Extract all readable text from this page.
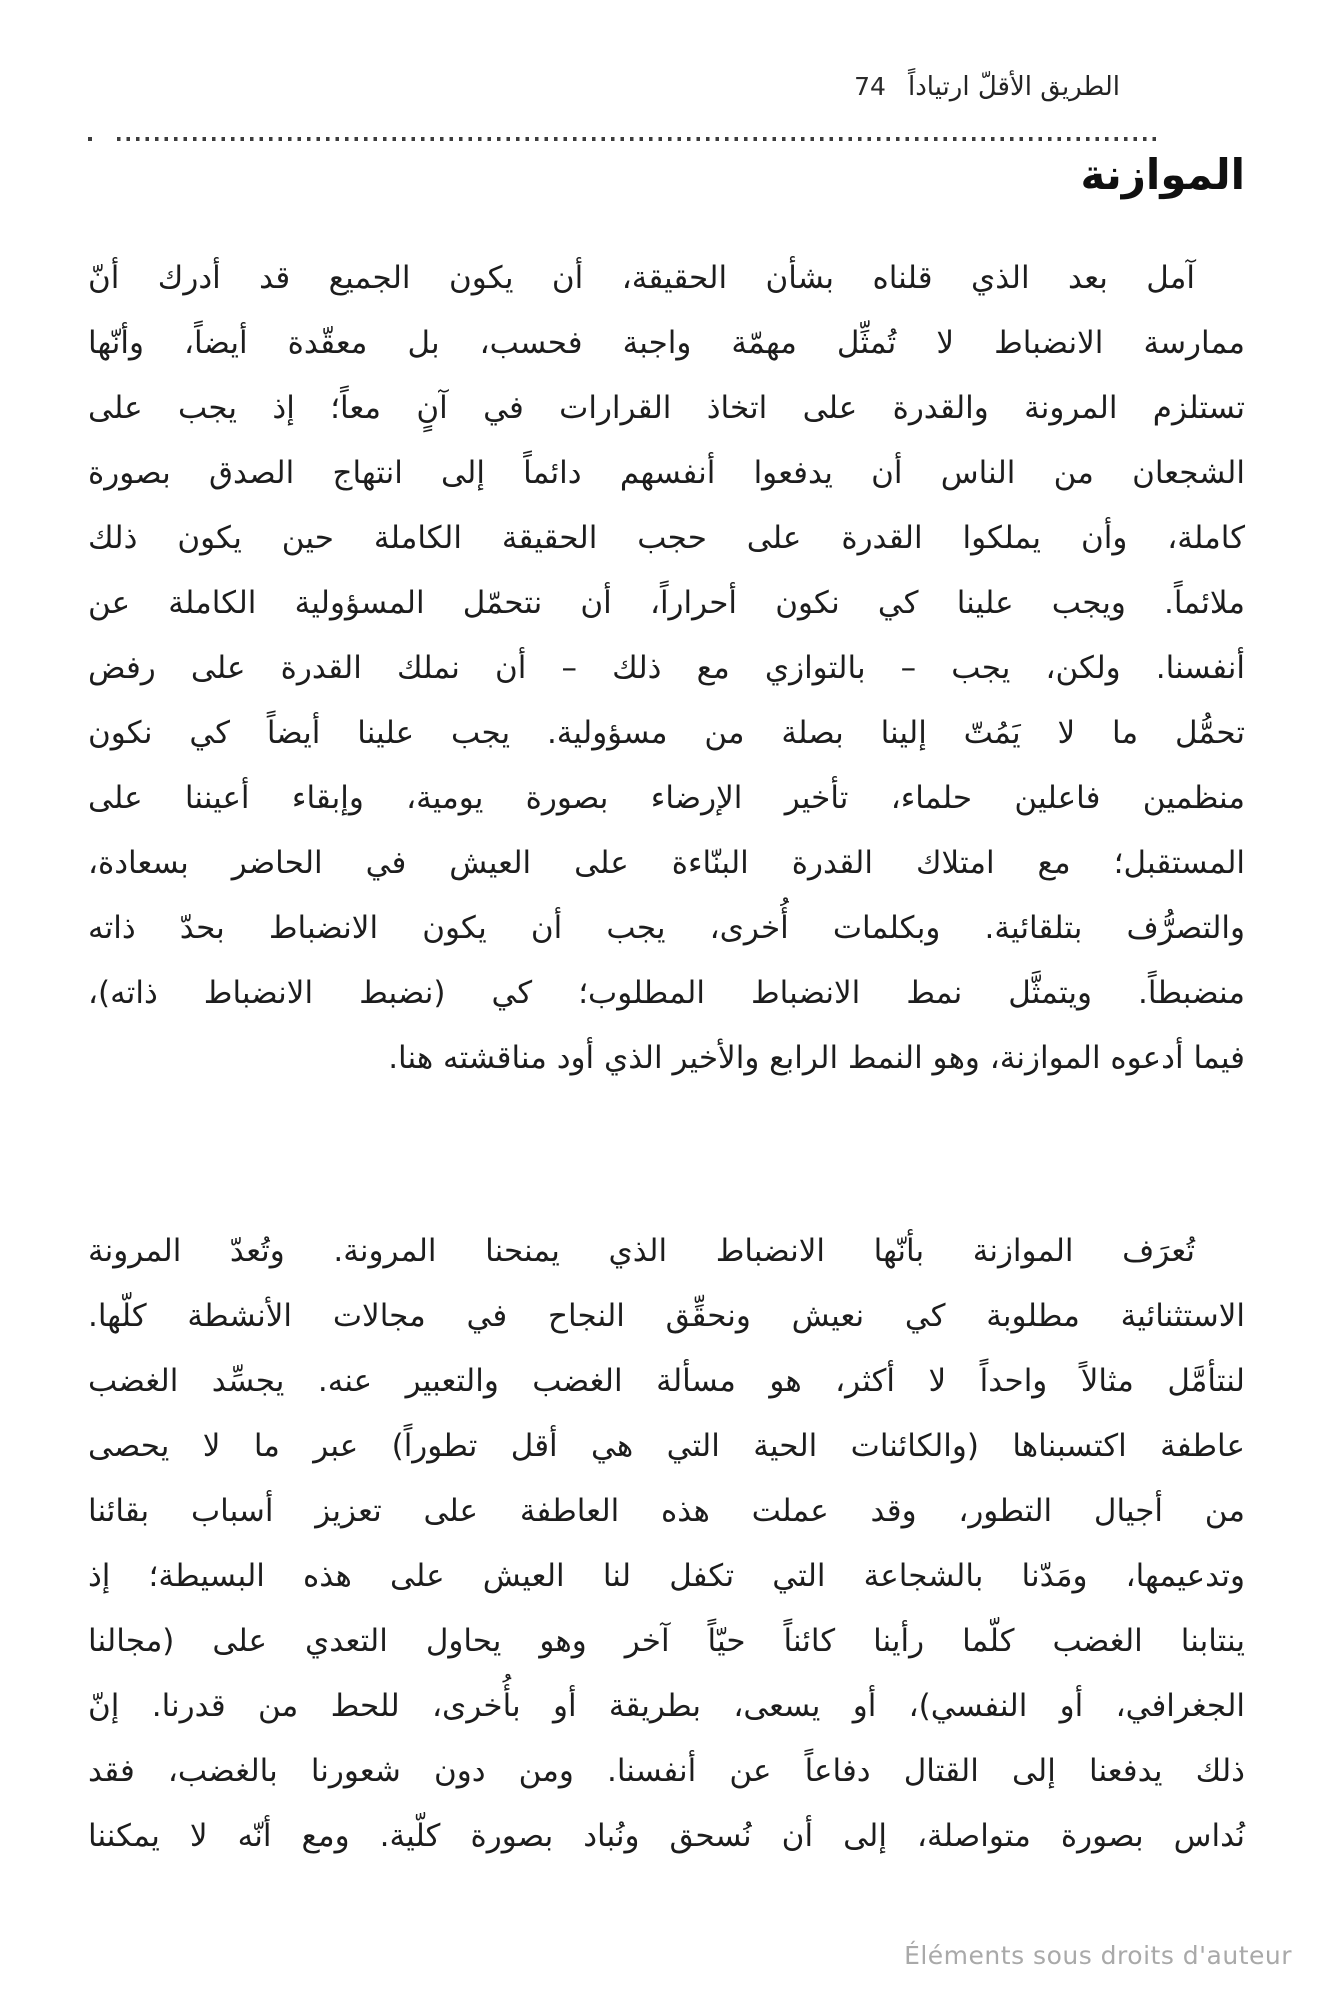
الطريق الأقلّ ارتياداً74
الموازنة
آمل بعد الذي قلناه بشأن الحقيقة، أن يكون الجميع قد أدرك أنّ
ممارسة الانضباط لا تُمثِّل مهمّة واجبة فحسب، بل معقّدة أيضاً، وأنّها
تستلزم المرونة والقدرة على اتخاذ القرارات في آنٍ معاً؛ إذ يجب على
الشجعان من الناس أن يدفعوا أنفسهم دائماً إلى انتهاج الصدق بصورة
كاملة، وأن يملكوا القدرة على حجب الحقيقة الكاملة حين يكون ذلك
ملائماً. ويجب علينا كي نكون أحراراً، أن نتحمّل المسؤولية الكاملة عن
أنفسنا. ولكن، يجب – بالتوازي مع ذلك – أن نملك القدرة على رفض
تحمُّل ما لا يَمُتّ إلينا بصلة من مسؤولية. يجب علينا أيضاً كي نكون
منظمين فاعلين حلماء، تأخير الإرضاء بصورة يومية، وإبقاء أعيننا على
المستقبل؛ مع امتلاك القدرة البنّاءة على العيش في الحاضر بسعادة،
والتصرُّف بتلقائية. وبكلمات أُخرى، يجب أن يكون الانضباط بحدّ ذاته
منضبطاً. ويتمثَّل نمط الانضباط المطلوب؛ كي (نضبط الانضباط ذاته)،
فيما أدعوه الموازنة، وهو النمط الرابع والأخير الذي أود مناقشته هنا.
تُعرَف الموازنة بأنّها الانضباط الذي يمنحنا المرونة. وتُعدّ المرونة
الاستثنائية مطلوبة كي نعيش ونحقِّق النجاح في مجالات الأنشطة كلّها.
لنتأمَّل مثالاً واحداً لا أكثر، هو مسألة الغضب والتعبير عنه. يجسِّد الغضب
عاطفة اكتسبناها (والكائنات الحية التي هي أقل تطوراً) عبر ما لا يحصى
من أجيال التطور، وقد عملت هذه العاطفة على تعزيز أسباب بقائنا
وتدعيمها، ومَدّنا بالشجاعة التي تكفل لنا العيش على هذه البسيطة؛ إذ
ينتابنا الغضب كلّما رأينا كائناً حيّاً آخر وهو يحاول التعدي على (مجالنا
الجغرافي، أو النفسي)، أو يسعى، بطريقة أو بأُخرى، للحط من قدرنا. إنّ
ذلك يدفعنا إلى القتال دفاعاً عن أنفسنا. ومن دون شعورنا بالغضب، فقد
نُداس بصورة متواصلة، إلى أن نُسحق ونُباد بصورة كلّية. ومع أنّه لا يمكننا
Éléments sous droits d'auteur
